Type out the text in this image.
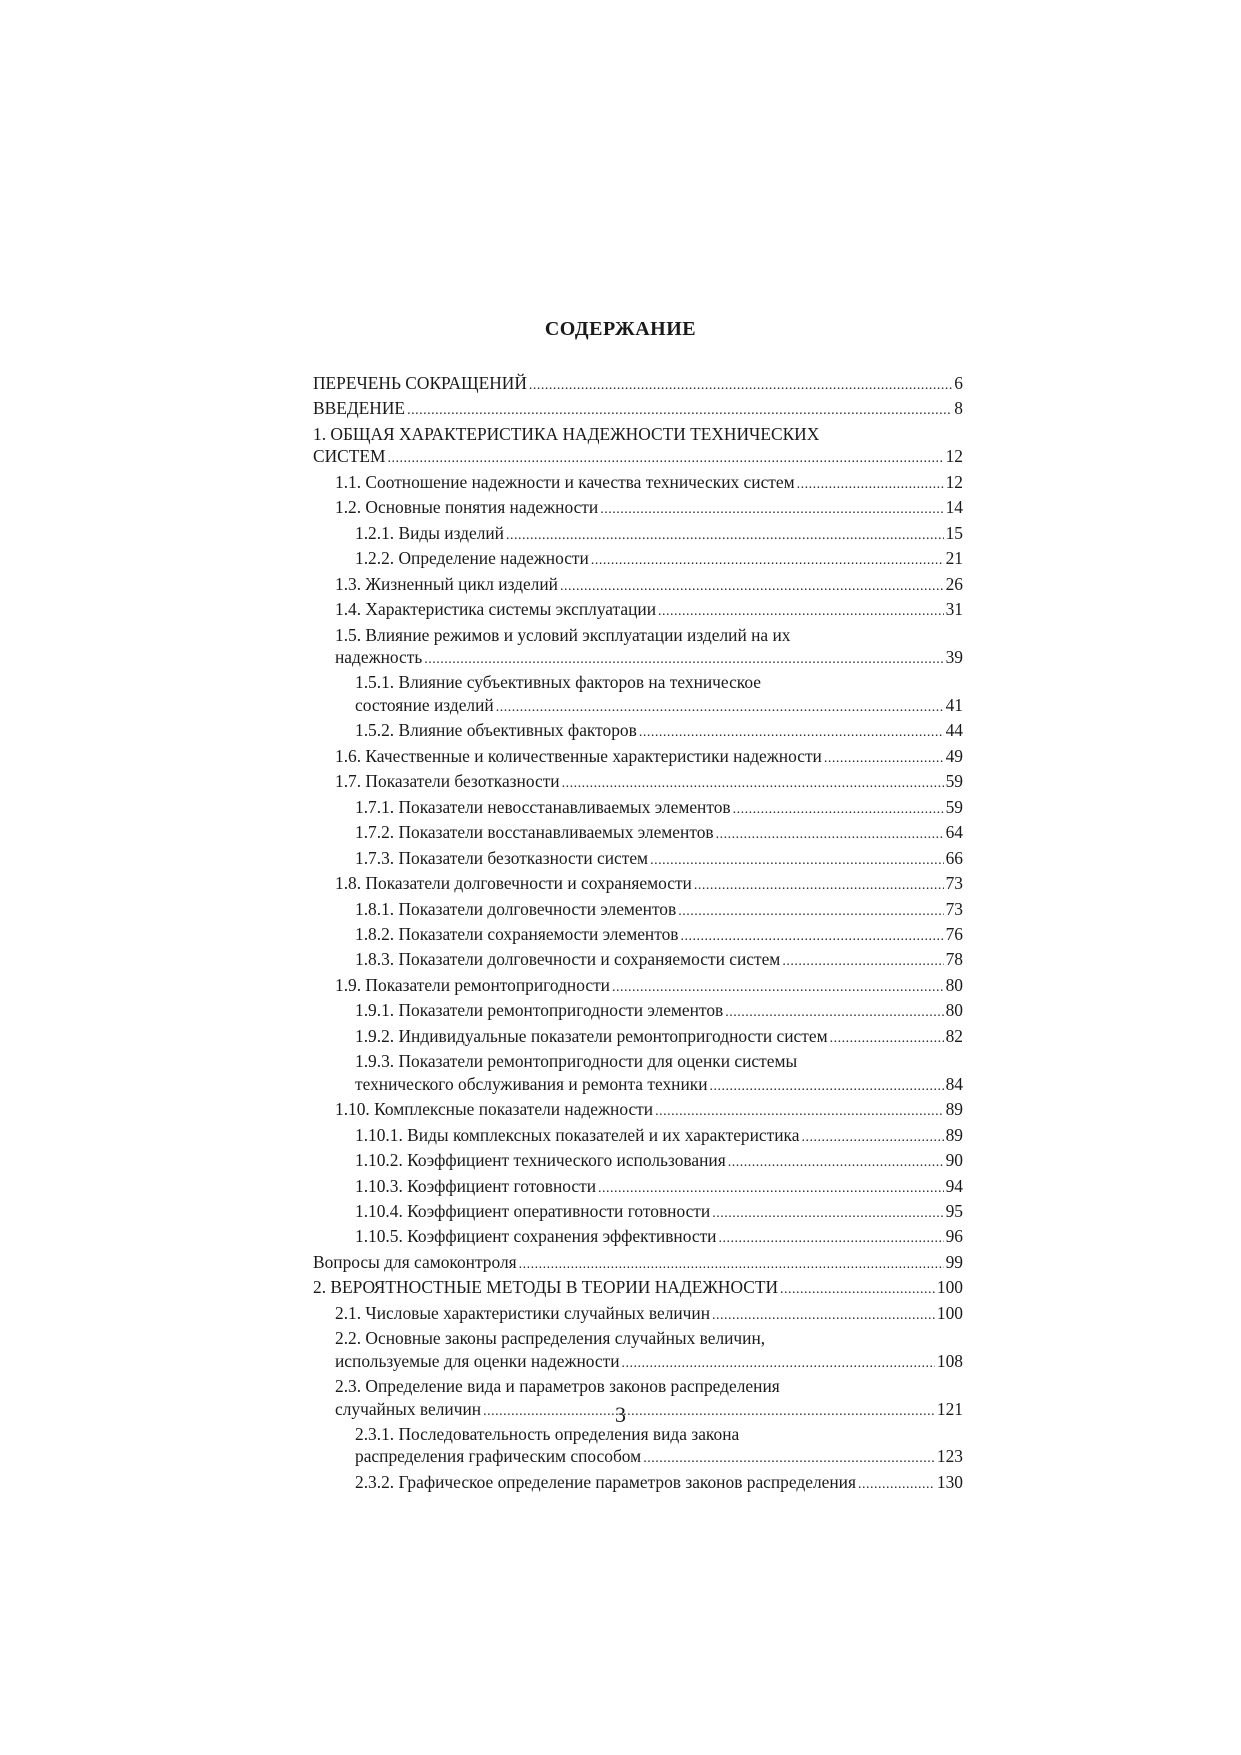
СОДЕРЖАНИЕ
ПЕРЕЧЕНЬ СОКРАЩЕНИЙ .....	6
ВВЕДЕНИЕ .....	8
1. ОБЩАЯ ХАРАКТЕРИСТИКА НАДЕЖНОСТИ ТЕХНИЧЕСКИХ
СИСТЕМ .....	12
1.1. Соотношение надежности и качества технических систем .....	12
1.2. Основные понятия надежности .....	14
1.2.1. Виды изделий .....	15
1.2.2. Определение надежности .....	21
1.3. Жизненный цикл изделий .....	26
1.4. Характеристика системы эксплуатации .....	31
1.5. Влияние режимов и условий эксплуатации изделий на их
надежность .....	39
1.5.1. Влияние субъективных факторов на техническое
состояние изделий .....	41
1.5.2. Влияние объективных факторов .....	44
1.6. Качественные и количественные характеристики надежности .....	49
1.7. Показатели безотказности .....	59
1.7.1. Показатели невосстанавливаемых элементов .....	59
1.7.2. Показатели восстанавливаемых элементов .....	64
1.7.3. Показатели безотказности систем .....	66
1.8. Показатели долговечности и сохраняемости .....	73
1.8.1. Показатели долговечности элементов .....	73
1.8.2. Показатели сохраняемости элементов .....	76
1.8.3. Показатели долговечности и сохраняемости систем .....	78
1.9. Показатели ремонтопригодности .....	80
1.9.1. Показатели ремонтопригодности элементов .....	80
1.9.2. Индивидуальные показатели ремонтопригодности систем .....	82
1.9.3. Показатели ремонтопригодности для оценки системы
технического обслуживания и ремонта техники .....	84
1.10. Комплексные показатели надежности .....	89
1.10.1. Виды комплексных показателей и их характеристика .....	89
1.10.2. Коэффициент технического использования .....	90
1.10.3. Коэффициент готовности .....	94
1.10.4. Коэффициент оперативности готовности .....	95
1.10.5. Коэффициент сохранения эффективности .....	96
Вопросы для самоконтроля .....	99
2. ВЕРОЯТНОСТНЫЕ МЕТОДЫ В ТЕОРИИ НАДЕЖНОСТИ .....	100
2.1. Числовые характеристики случайных величин .....	100
2.2. Основные законы распределения случайных величин,
используемые для оценки надежности .....	108
2.3. Определение вида и параметров законов распределения
случайных величин .....	121
2.3.1. Последовательность определения вида закона
распределения графическим способом .....	123
2.3.2. Графическое определение параметров законов распределения .....	130
3
